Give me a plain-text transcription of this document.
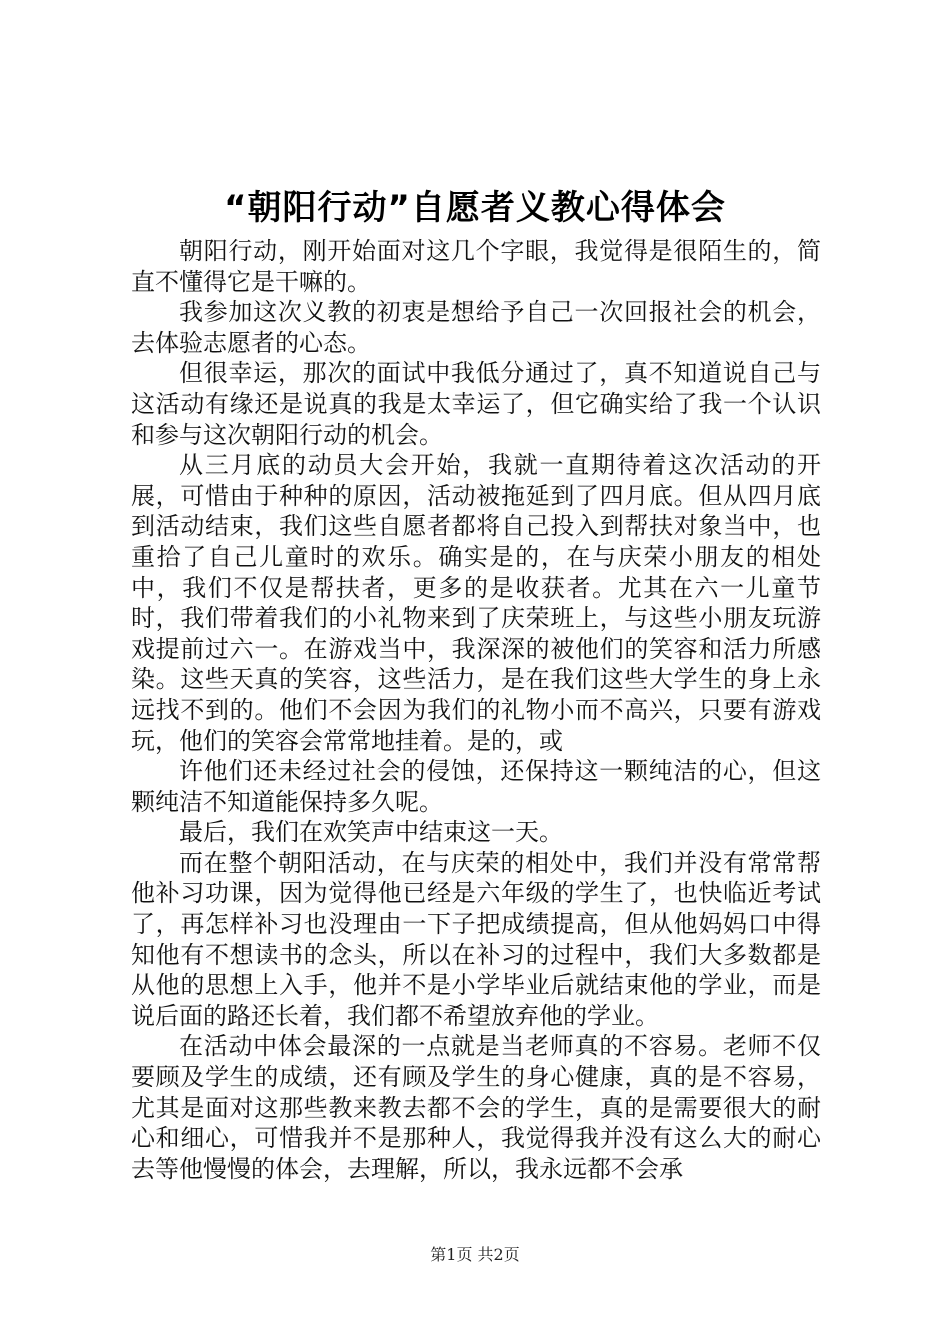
“朝阳行动”自愿者义教心得体会

朝阳行动，刚开始面对这几个字眼，我觉得是很陌生的，简直不懂得它是干嘛的。

我参加这次义教的初衷是想给予自己一次回报社会的机会，去体验志愿者的心态。

但很幸运，那次的面试中我低分通过了，真不知道说自己与这活动有缘还是说真的我是太幸运了，但它确实给了我一个认识和参与这次朝阳行动的机会。

从三月底的动员大会开始，我就一直期待着这次活动的开展，可惜由于种种的原因，活动被拖延到了四月底。但从四月底到活动结束，我们这些自愿者都将自己投入到帮扶对象当中，也重拾了自己儿童时的欢乐。确实是的，在与庆荣小朋友的相处中，我们不仅是帮扶者，更多的是收获者。尤其在六一儿童节时，我们带着我们的小礼物来到了庆荣班上，与这些小朋友玩游戏提前过六一。在游戏当中，我深深的被他们的笑容和活力所感染。这些天真的笑容，这些活力，是在我们这些大学生的身上永远找不到的。他们不会因为我们的礼物小而不高兴，只要有游戏玩，他们的笑容会常常地挂着。是的，或

许他们还未经过社会的侵蚀，还保持这一颗纯洁的心，但这颗纯洁不知道能保持多久呢。

最后，我们在欢笑声中结束这一天。

而在整个朝阳活动，在与庆荣的相处中，我们并没有常常帮他补习功课，因为觉得他已经是六年级的学生了，也快临近考试了，再怎样补习也没理由一下子把成绩提高，但从他妈妈口中得知他有不想读书的念头，所以在补习的过程中，我们大多数都是从他的思想上入手，他并不是小学毕业后就结束他的学业，而是说后面的路还长着，我们都不希望放弃他的学业。

在活动中体会最深的一点就是当老师真的不容易。老师不仅要顾及学生的成绩，还有顾及学生的身心健康，真的是不容易，尤其是面对这那些教来教去都不会的学生，真的是需要很大的耐心和细心，可惜我并不是那种人，我觉得我并没有这么大的耐心去等他慢慢的体会，去理解，所以，我永远都不会承

第1页 共2页
